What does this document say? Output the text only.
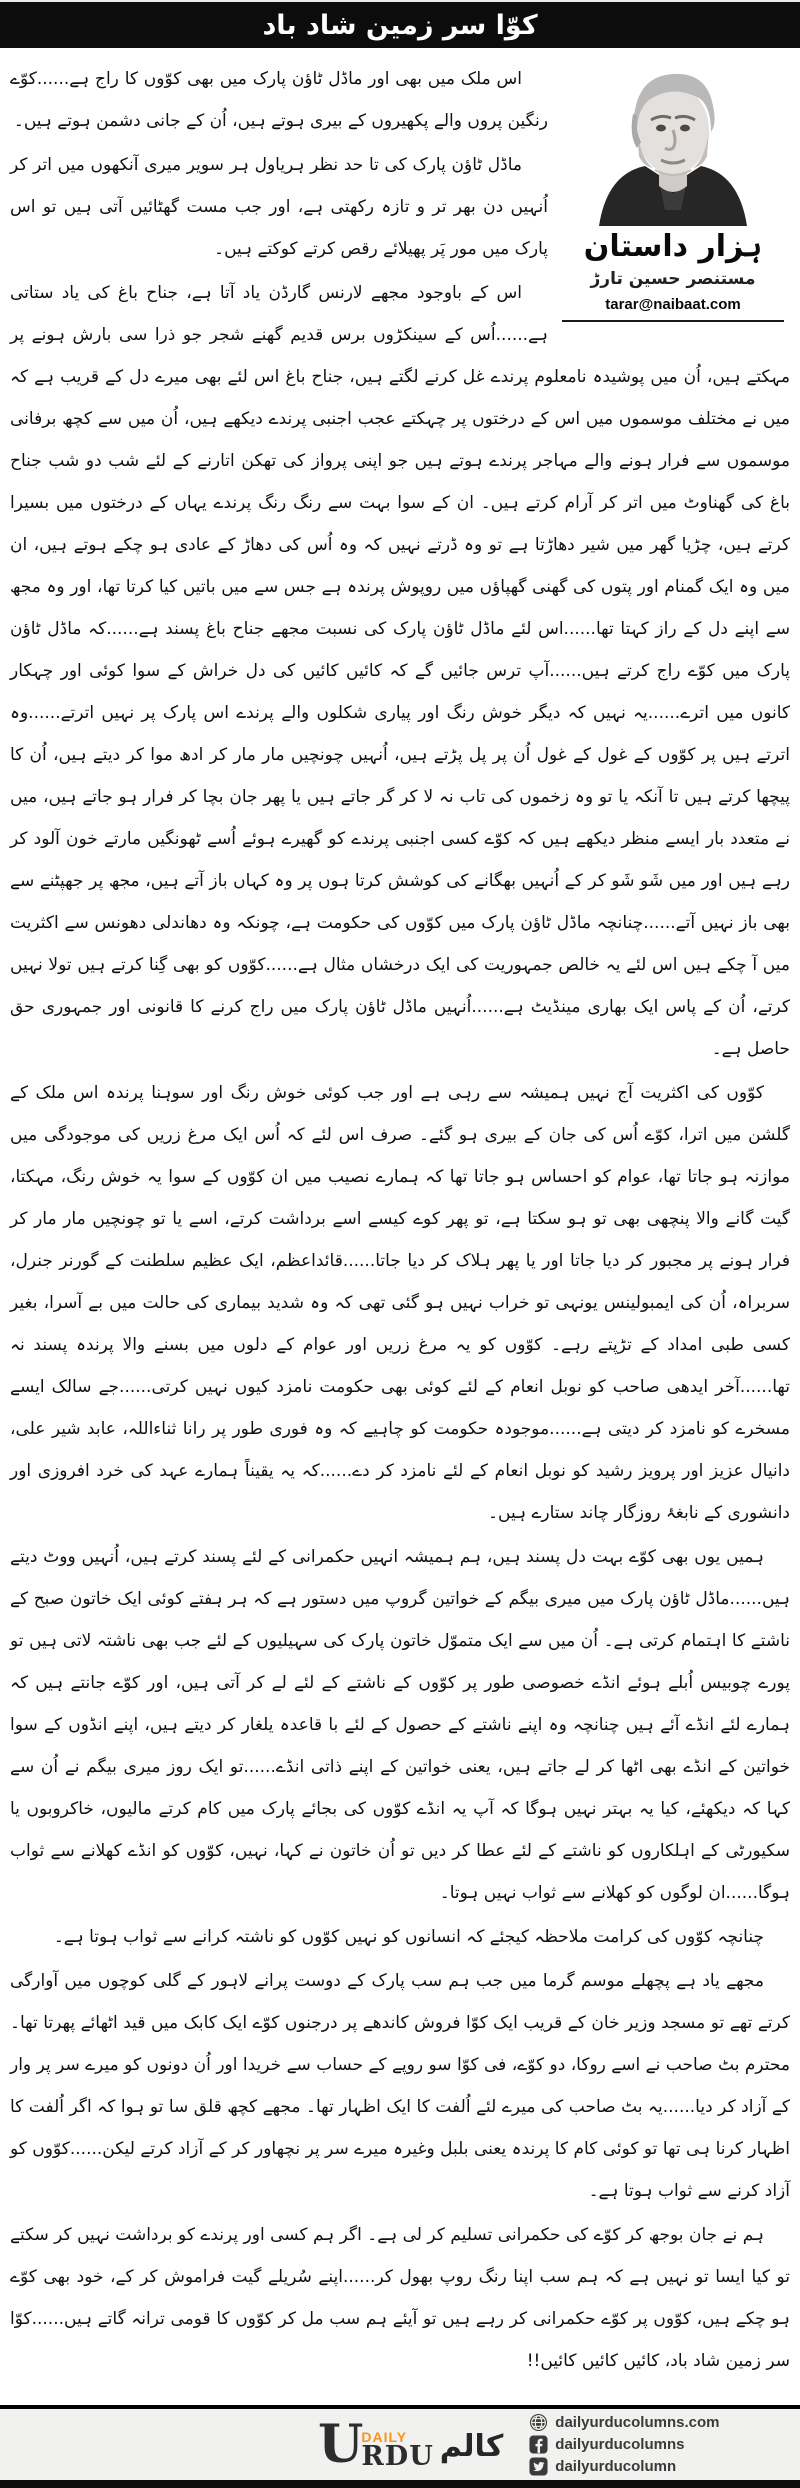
کوّا سر زمین شاد باد
ہزار داستان
مستنصر حسین تارڑ
tarar@naibaat.com

اس ملک میں بھی اور ماڈل ٹاؤن پارک میں بھی کوّوں کا راج ہے......کوّے رنگین پروں والے پکھیروں کے بیری ہوتے ہیں، اُن کے جانی دشمن ہوتے ہیں۔

ماڈل ٹاؤن پارک کی تا حد نظر ہریاول ہر سویر میری آنکھوں میں اتر کر اُنہیں دن بھر تر و تازہ رکھتی ہے، اور جب مست گھٹائیں آتی ہیں تو اس پارک میں مور پَر پھیلائے رقص کرتے کوکتے ہیں۔

اس کے باوجود مجھے لارنس گارڈن یاد آتا ہے، جناح باغ کی یاد ستاتی ہے......اُس کے سینکڑوں برس قدیم گھنے شجر جو ذرا سی بارش ہونے پر مہکتے ہیں، اُن میں پوشیدہ نامعلوم پرندے غل کرنے لگتے ہیں، جناح باغ اس لئے بھی میرے دل کے قریب ہے کہ میں نے مختلف موسموں میں اس کے درختوں پر چہکتے عجب اجنبی پرندے دیکھے ہیں، اُن میں سے کچھ برفانی موسموں سے فرار ہونے والے مہاجر پرندے ہوتے ہیں جو اپنی پرواز کی تھکن اتارنے کے لئے شب دو شب جناح باغ کی گھناوٹ میں اتر کر آرام کرتے ہیں۔ ان کے سوا بہت سے رنگ رنگ پرندے یہاں کے درختوں میں بسیرا کرتے ہیں، چڑیا گھر میں شیر دھاڑتا ہے تو وہ ڈرتے نہیں کہ وہ اُس کی دھاڑ کے عادی ہو چکے ہوتے ہیں، ان میں وہ ایک گمنام اور پتوں کی گھنی گھپاؤں میں روپوش پرندہ ہے جس سے میں باتیں کیا کرتا تھا، اور وہ مجھ سے اپنے دل کے راز کہتا تھا......اس لئے ماڈل ٹاؤن پارک کی نسبت مجھے جناح باغ پسند ہے......کہ ماڈل ٹاؤن پارک میں کوّے راج کرتے ہیں......آپ ترس جائیں گے کہ کائیں کائیں کی دل خراش کے سوا کوئی اور چہکار کانوں میں اترے......یہ نہیں کہ دیگر خوش رنگ اور پیاری شکلوں والے پرندے اس پارک پر نہیں اترتے......وہ اترتے ہیں پر کوّوں کے غول کے غول اُن پر پل پڑتے ہیں، اُنہیں چونچیں مار مار کر ادھ موا کر دیتے ہیں، اُن کا پیچھا کرتے ہیں تا آنکہ یا تو وہ زخموں کی تاب نہ لا کر گر جاتے ہیں یا پھر جان بچا کر فرار ہو جاتے ہیں، میں نے متعدد بار ایسے منظر دیکھے ہیں کہ کوّے کسی اجنبی پرندے کو گھیرے ہوئے اُسے ٹھونگیں مارتے خون آلود کر رہے ہیں اور میں شَو شَو کر کے اُنہیں بھگانے کی کوشش کرتا ہوں پر وہ کہاں باز آتے ہیں، مجھ پر جھپٹنے سے بھی باز نہیں آتے......چنانچہ ماڈل ٹاؤن پارک میں کوّوں کی حکومت ہے، چونکہ وہ دھاندلی دھونس سے اکثریت میں آ چکے ہیں اس لئے یہ خالص جمہوریت کی ایک درخشاں مثال ہے......کوّوں کو بھی گِنا کرتے ہیں تولا نہیں کرتے، اُن کے پاس ایک بھاری مینڈیٹ ہے......اُنہیں ماڈل ٹاؤن پارک میں راج کرنے کا قانونی اور جمہوری حق حاصل ہے۔

کوّوں کی اکثریت آج نہیں ہمیشہ سے رہی ہے اور جب کوئی خوش رنگ اور سوہنا پرندہ اس ملک کے گلشن میں اترا، کوّے اُس کی جان کے بیری ہو گئے۔ صرف اس لئے کہ اُس ایک مرغ زریں کی موجودگی میں موازنہ ہو جاتا تھا، عوام کو احساس ہو جاتا تھا کہ ہمارے نصیب میں ان کوّوں کے سوا یہ خوش رنگ، مہکتا، گیت گانے والا پنچھی بھی تو ہو سکتا ہے، تو پھر کوے کیسے اسے برداشت کرتے، اسے یا تو چونچیں مار مار کر فرار ہونے پر مجبور کر دیا جاتا اور یا پھر ہلاک کر دیا جاتا......قائداعظم، ایک عظیم سلطنت کے گورنر جنرل، سربراہ، اُن کی ایمبولینس یونہی تو خراب نہیں ہو گئی تھی کہ وہ شدید بیماری کی حالت میں بے آسرا، بغیر کسی طبی امداد کے تڑپتے رہے۔ کوّوں کو یہ مرغ زریں اور عوام کے دلوں میں بسنے والا پرندہ پسند نہ تھا......آخر ایدھی صاحب کو نوبل انعام کے لئے کوئی بھی حکومت نامزد کیوں نہیں کرتی......جے سالک ایسے مسخرے کو نامزد کر دیتی ہے......موجودہ حکومت کو چاہیے کہ وہ فوری طور پر رانا ثناءاللہ، عابد شیر علی، دانیال عزیز اور پرویز رشید کو نوبل انعام کے لئے نامزد کر دے......کہ یہ یقیناً ہمارے عہد کی خرد افروزی اور دانشوری کے نابغۂ روزگار چاند ستارے ہیں۔

ہمیں یوں بھی کوّے بہت دل پسند ہیں، ہم ہمیشہ انہیں حکمرانی کے لئے پسند کرتے ہیں، اُنہیں ووٹ دیتے ہیں......ماڈل ٹاؤن پارک میں میری بیگم کے خواتین گروپ میں دستور ہے کہ ہر ہفتے کوئی ایک خاتون صبح کے ناشتے کا اہتمام کرتی ہے۔ اُن میں سے ایک متموّل خاتون پارک کی سہیلیوں کے لئے جب بھی ناشتہ لاتی ہیں تو پورے چوبیس اُبلے ہوئے انڈے خصوصی طور پر کوّوں کے ناشتے کے لئے لے کر آتی ہیں، اور کوّے جانتے ہیں کہ ہمارے لئے انڈے آئے ہیں چنانچہ وہ اپنے ناشتے کے حصول کے لئے با قاعدہ یلغار کر دیتے ہیں، اپنے انڈوں کے سوا خواتین کے انڈے بھی اٹھا کر لے جاتے ہیں، یعنی خواتین کے اپنے ذاتی انڈے......تو ایک روز میری بیگم نے اُن سے کہا کہ دیکھئے، کیا یہ بہتر نہیں ہوگا کہ آپ یہ انڈے کوّوں کی بجائے پارک میں کام کرتے مالیوں، خاکروبوں یا سکیورٹی کے اہلکاروں کو ناشتے کے لئے عطا کر دیں تو اُن خاتون نے کہا، نہیں، کوّوں کو انڈے کھلانے سے ثواب ہوگا......ان لوگوں کو کھلانے سے ثواب نہیں ہوتا۔

چنانچہ کوّوں کی کرامت ملاحظہ کیجئے کہ انسانوں کو نہیں کوّوں کو ناشتہ کرانے سے ثواب ہوتا ہے۔

مجھے یاد ہے پچھلے موسم گرما میں جب ہم سب پارک کے دوست پرانے لاہور کے گلی کوچوں میں آوارگی کرتے تھے تو مسجد وزیر خان کے قریب ایک کوّا فروش کاندھے پر درجنوں کوّے ایک کابک میں قید اٹھائے پھرتا تھا۔ محترم بٹ صاحب نے اسے روکا، دو کوّے، فی کوّا سو روپے کے حساب سے خریدا اور اُن دونوں کو میرے سر پر وار کے آزاد کر دیا......یہ بٹ صاحب کی میرے لئے اُلفت کا ایک اظہار تھا۔ مجھے کچھ قلق سا تو ہوا کہ اگر اُلفت کا اظہار کرنا ہی تھا تو کوئی کام کا پرندہ یعنی بلبل وغیرہ میرے سر پر نچھاور کر کے آزاد کرتے لیکن......کوّوں کو آزاد کرنے سے ثواب ہوتا ہے۔

ہم نے جان بوجھ کر کوّے کی حکمرانی تسلیم کر لی ہے۔ اگر ہم کسی اور پرندے کو برداشت نہیں کر سکتے تو کیا ایسا تو نہیں ہے کہ ہم سب اپنا رنگ روپ بھول کر......اپنے سُریلے گیت فراموش کر کے، خود بھی کوّے ہو چکے ہیں، کوّوں پر کوّے حکمرانی کر رہے ہیں تو آیئے ہم سب مل کر کوّوں کا قومی ترانہ گاتے ہیں......کوّا سر زمین شاد باد، کائیں کائیں کائیں!!

U
DAILY
RDU کالم
dailyurducolumns.com
dailyurducolumns
dailyurducolumn
